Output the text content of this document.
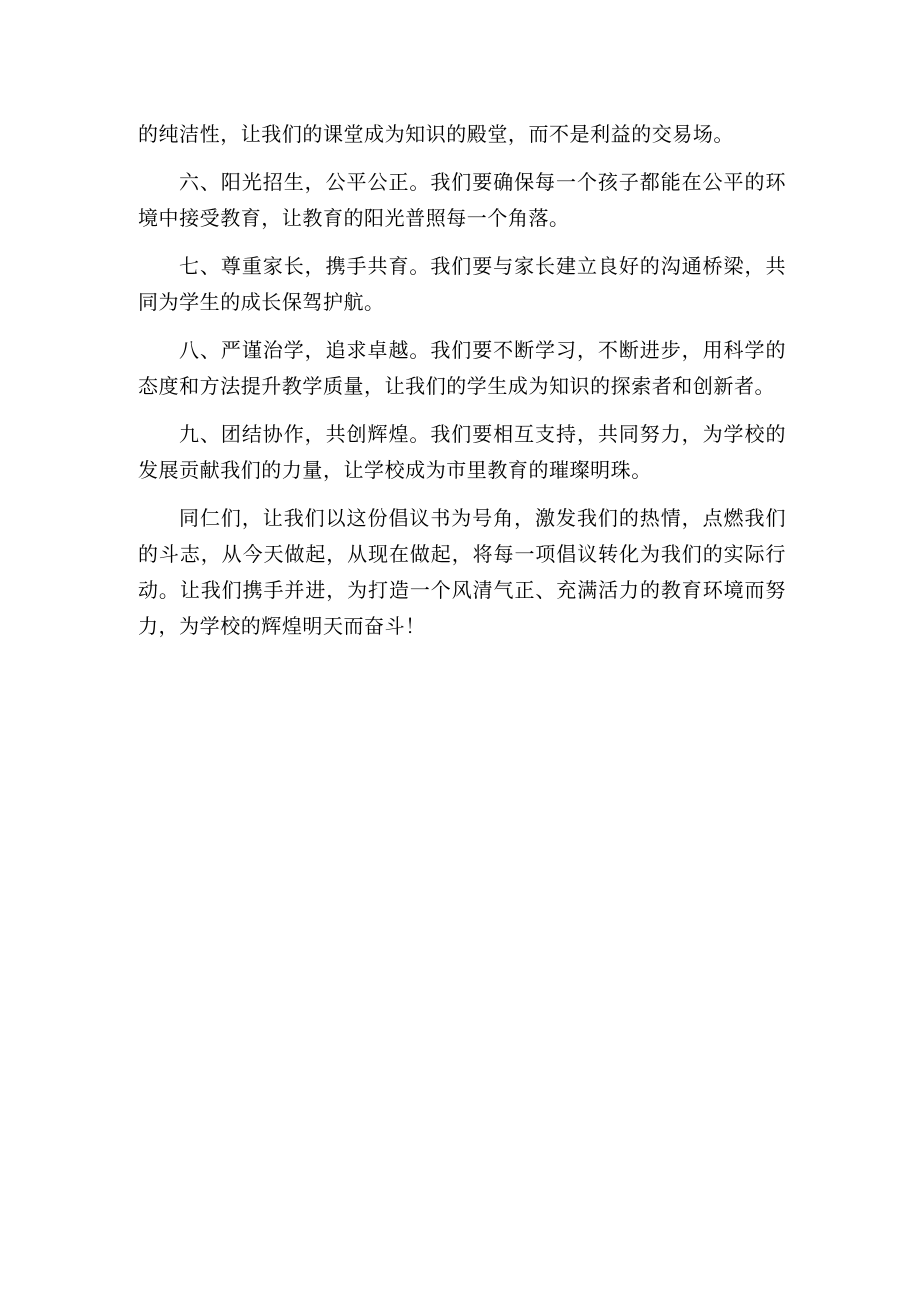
的纯洁性，让我们的课堂成为知识的殿堂，而不是利益的交易场。

六、阳光招生，公平公正。我们要确保每一个孩子都能在公平的环境中接受教育，让教育的阳光普照每一个角落。

七、尊重家长，携手共育。我们要与家长建立良好的沟通桥梁，共同为学生的成长保驾护航。

八、严谨治学，追求卓越。我们要不断学习，不断进步，用科学的态度和方法提升教学质量，让我们的学生成为知识的探索者和创新者。

九、团结协作，共创辉煌。我们要相互支持，共同努力，为学校的发展贡献我们的力量，让学校成为市里教育的璀璨明珠。

同仁们，让我们以这份倡议书为号角，激发我们的热情，点燃我们的斗志，从今天做起，从现在做起，将每一项倡议转化为我们的实际行动。让我们携手并进，为打造一个风清气正、充满活力的教育环境而努力，为学校的辉煌明天而奋斗！
